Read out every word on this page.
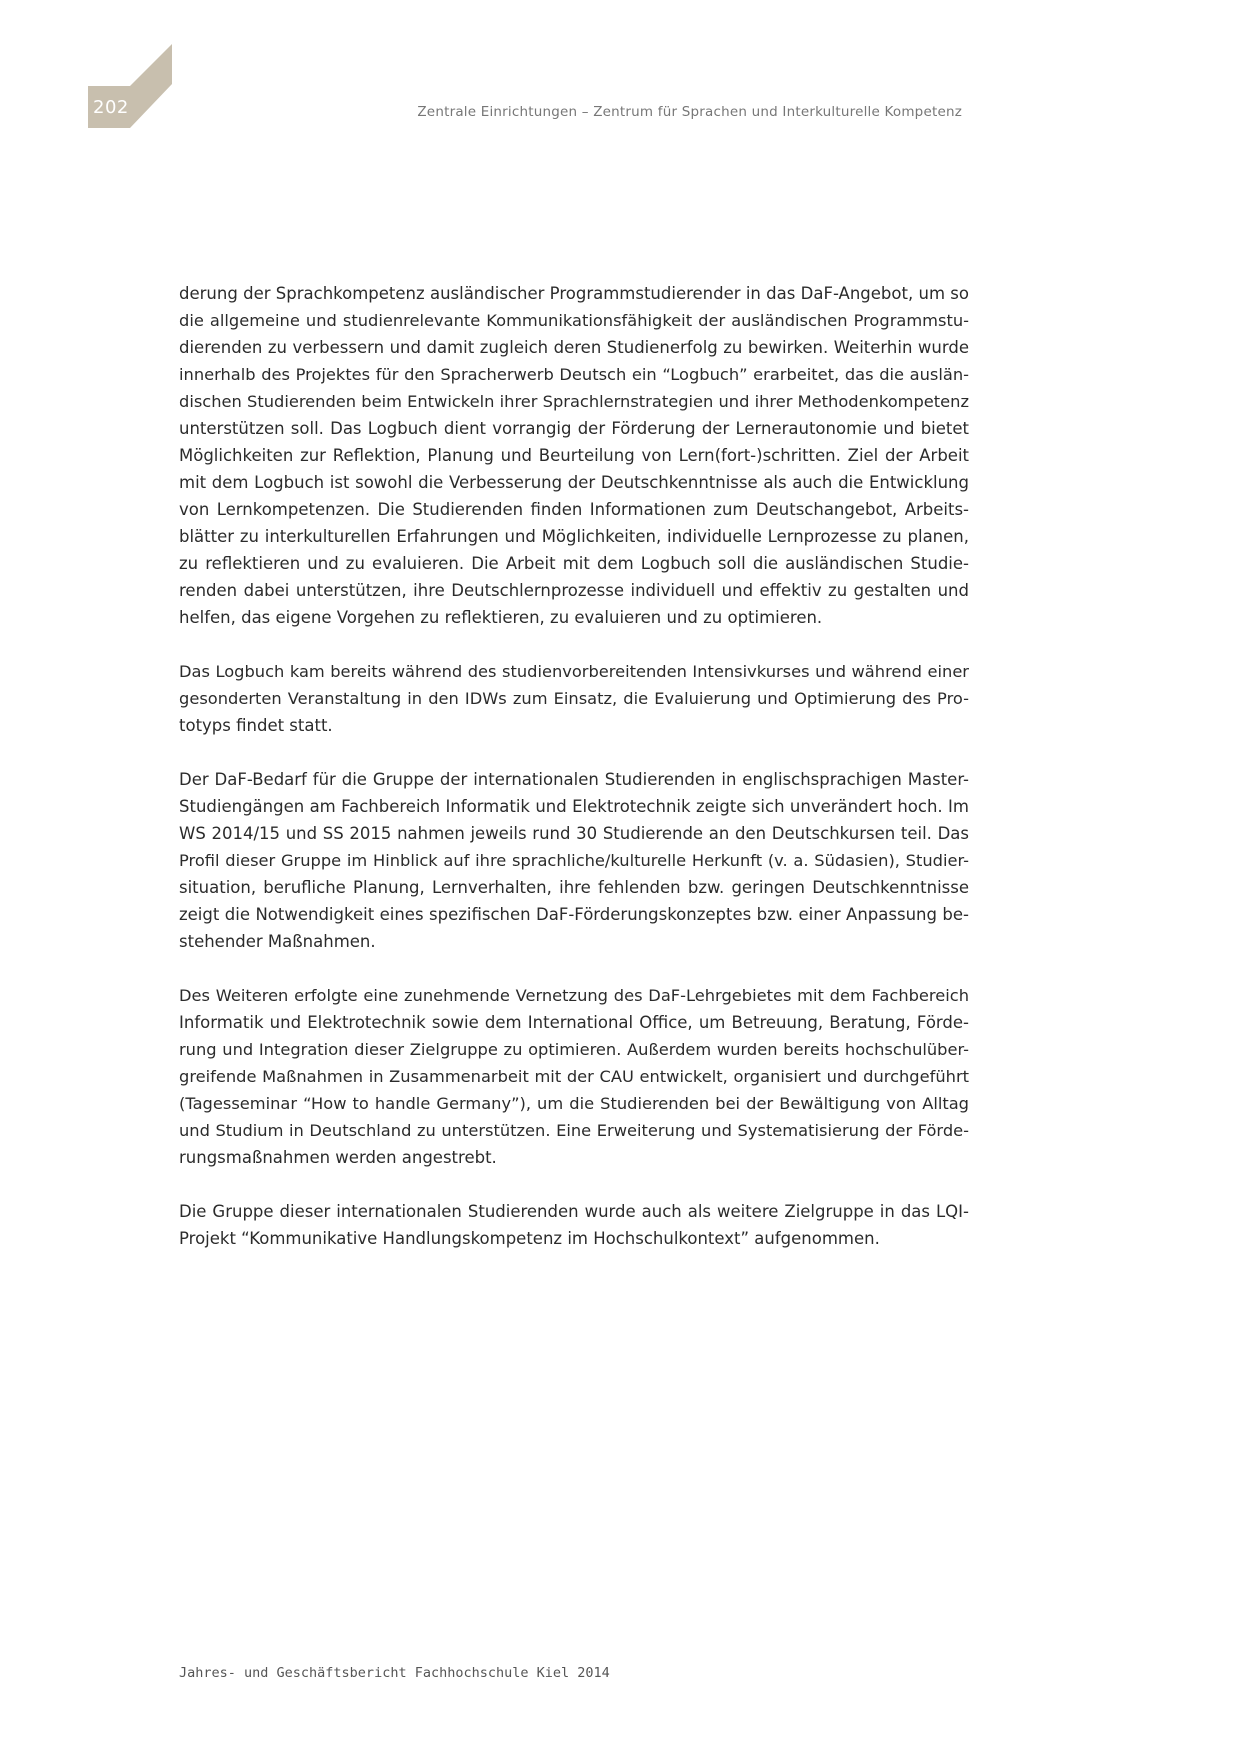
202	Zentrale Einrichtungen – Zentrum für Sprachen und Interkulturelle Kompetenz
derung der Sprachkompetenz ausländischer Programmstudierender in das DaF-Angebot, um so
die allgemeine und studienrelevante Kommunikationsfähigkeit der ausländischen Programmstu-
dierenden zu verbessern und damit zugleich deren Studienerfolg zu bewirken. Weiterhin wurde
innerhalb des Projektes für den Spracherwerb Deutsch ein “Logbuch” erarbeitet, das die auslän-
dischen Studierenden beim Entwickeln ihrer Sprachlernstrategien und ihrer Methodenkompetenz
unterstützen soll. Das Logbuch dient vorrangig der Förderung der Lernerautonomie und bietet
Möglichkeiten zur Reflektion, Planung und Beurteilung von Lern(fort-)schritten. Ziel der Arbeit
mit dem Logbuch ist sowohl die Verbesserung der Deutschkenntnisse als auch die Entwicklung
von Lernkompetenzen. Die Studierenden finden Informationen zum Deutschangebot, Arbeits-
blätter zu interkulturellen Erfahrungen und Möglichkeiten, individuelle Lernprozesse zu planen,
zu reflektieren und zu evaluieren. Die Arbeit mit dem Logbuch soll die ausländischen Studie-
renden dabei unterstützen, ihre Deutschlernprozesse individuell und effektiv zu gestalten und
helfen, das eigene Vorgehen zu reflektieren, zu evaluieren und zu optimieren.
Das Logbuch kam bereits während des studienvorbereitenden Intensivkurses und während einer
gesonderten Veranstaltung in den IDWs zum Einsatz, die Evaluierung und Optimierung des Pro-
totyps findet statt.
Der DaF-Bedarf für die Gruppe der internationalen Studierenden in englischsprachigen Master-
Studiengängen am Fachbereich Informatik und Elektrotechnik zeigte sich unverändert hoch. Im
WS 2014/15 und SS 2015 nahmen jeweils rund 30 Studierende an den Deutschkursen teil. Das
Profil dieser Gruppe im Hinblick auf ihre sprachliche/kulturelle Herkunft (v. a. Südasien), Studier-
situation, berufliche Planung, Lernverhalten, ihre fehlenden bzw. geringen Deutschkenntnisse
zeigt die Notwendigkeit eines spezifischen DaF-Förderungskonzeptes bzw. einer Anpassung be-
stehender Maßnahmen.
Des Weiteren erfolgte eine zunehmende Vernetzung des DaF-Lehrgebietes mit dem Fachbereich
Informatik und Elektrotechnik sowie dem International Office, um Betreuung, Beratung, Förde-
rung und Integration dieser Zielgruppe zu optimieren. Außerdem wurden bereits hochschulüber-
greifende Maßnahmen in Zusammenarbeit mit der CAU entwickelt, organisiert und durchgeführt
(Tagesseminar “How to handle Germany”), um die Studierenden bei der Bewältigung von Alltag
und Studium in Deutschland zu unterstützen. Eine Erweiterung und Systematisierung der Förde-
rungsmaßnahmen werden angestrebt.
Die Gruppe dieser internationalen Studierenden wurde auch als weitere Zielgruppe in das LQI-
Projekt “Kommunikative Handlungskompetenz im Hochschulkontext” aufgenommen.
Jahres- und Geschäftsbericht Fachhochschule Kiel 2014
